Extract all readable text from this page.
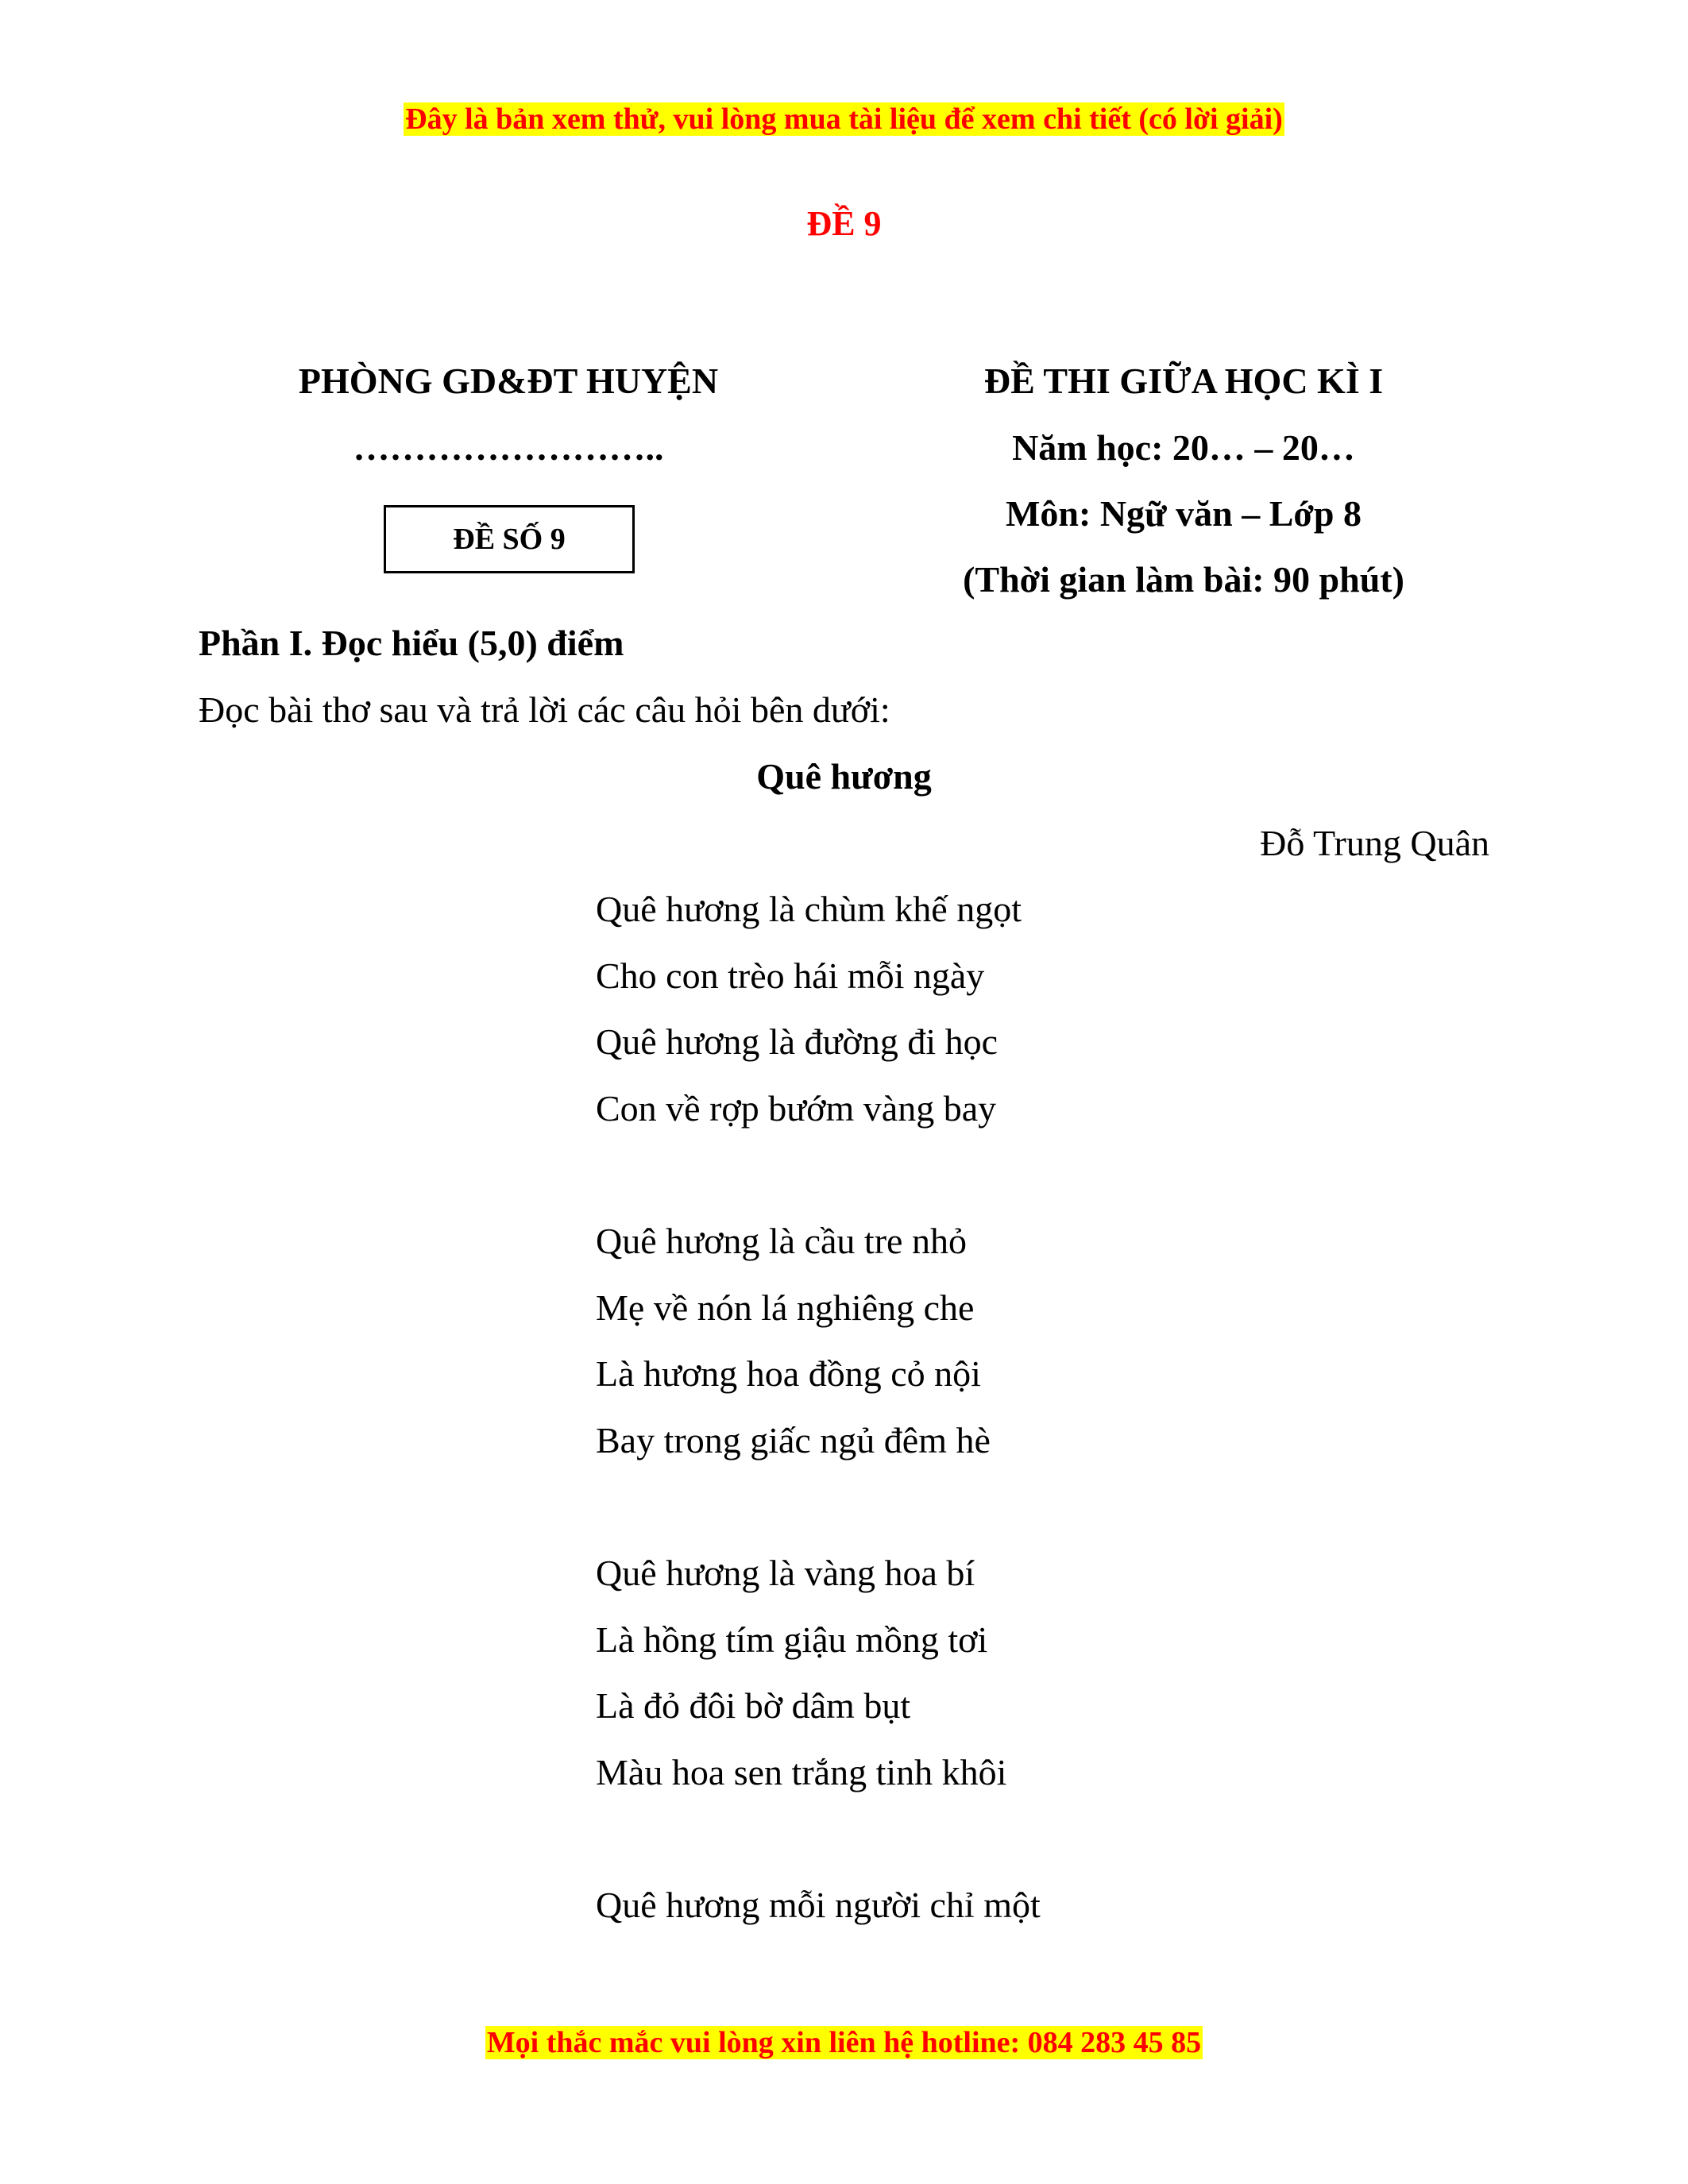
Đây là bản xem thử, vui lòng mua tài liệu để xem chi tiết (có lời giải)
ĐỀ 9
PHÒNG GD&ĐT HUYỆN
……………………..
ĐỀ SỐ 9
ĐỀ THI GIỮA HỌC KÌ I
Năm học: 20… – 20…
Môn: Ngữ văn – Lớp 8
(Thời gian làm bài: 90 phút)
Phần I. Đọc hiểu (5,0) điểm
Đọc bài thơ sau và trả lời các câu hỏi bên dưới:
Quê hương
Đỗ Trung Quân
Quê hương là chùm khế ngọt
Cho con trèo hái mỗi ngày
Quê hương là đường đi học
Con về rợp bướm vàng bay
Quê hương là cầu tre nhỏ
Mẹ về nón lá nghiêng che
Là hương hoa đồng cỏ nội
Bay trong giấc ngủ đêm hè
Quê hương là vàng hoa bí
Là hồng tím giậu mồng tơi
Là đỏ đôi bờ dâm bụt
Màu hoa sen trắng tinh khôi
Quê hương mỗi người chỉ một
Mọi thắc mắc vui lòng xin liên hệ hotline: 084 283 45 85
